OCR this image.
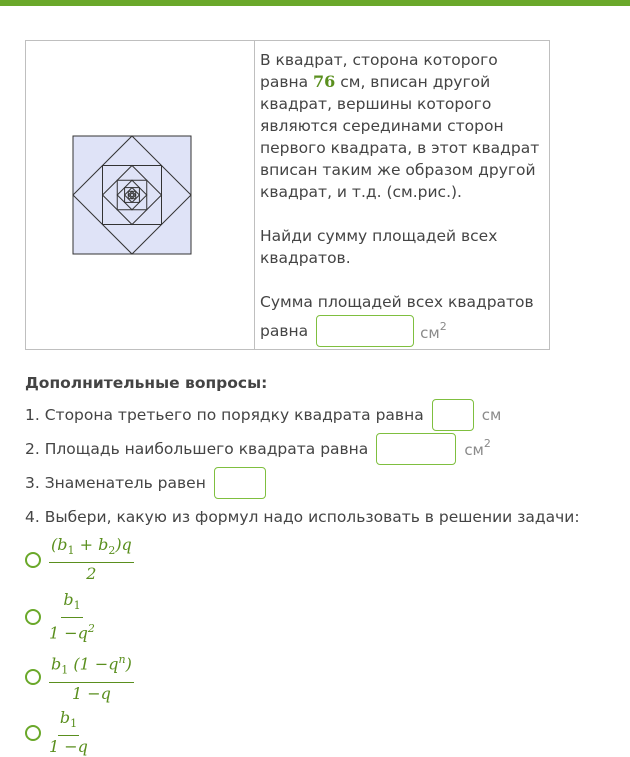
В квадрат, сторона которого

равна 76 см, вписан другой

квадрат, вершины которого

являются серединами сторон

первого квадрата, в этот квадрат

вписан таким же образом другой

квадрат, и т.д. (см.рис.).

Найди сумму площадей всех

квадратов.

Сумма площадей всех квадратов

равна	$см^2$
Дополнительные вопросы:
1. Сторона третьего по порядку квадрата равна	см
2. Площадь наибольшего квадрата равна	$см^2$
3. Знаменатель равен
4. Выбери, какую из формул надо использовать в решении задачи:
$\frac{(b_1 + b_2)q}{2}$
$\frac{b_1}{1 -q^2}$
$\frac{b_1 (1 -q^n)}{1 -q}$
$\frac{b_1}{1 -q}$
